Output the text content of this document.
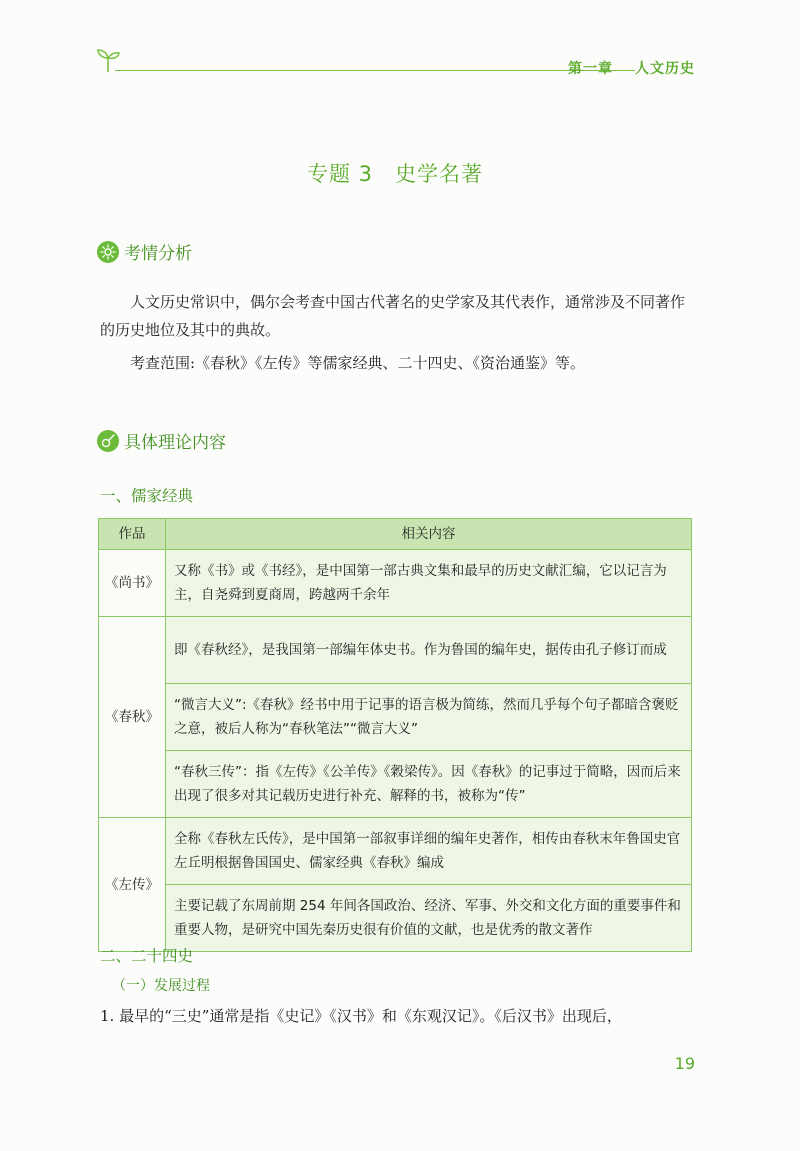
第一章 人文历史
专题 3 史学名著
考情分析

人文历史常识中，偶尔会考查中国古代著名的史学家及其代表作，通常涉及不同著作的历史地位及其中的典故。

考查范围:《春秋》《左传》等儒家经典、二十四史、《资治通鉴》等。

具体理论内容
一、儒家经典
作品	相关内容
《尚书》	又称《书》或《书经》，是中国第一部古典文集和最早的历史文献汇编，它以记言为主，自尧舜到夏商周，跨越两千余年
《春秋》	即《春秋经》，是我国第一部编年体史书。作为鲁国的编年史，据传由孔子修订而成
	“微言大义”:《春秋》经书中用于记事的语言极为简练，然而几乎每个句子都暗含褒贬之意，被后人称为“春秋笔法”“微言大义”
	“春秋三传”：指《左传》《公羊传》《穀梁传》。因《春秋》的记事过于简略，因而后来出现了很多对其记载历史进行补充、解释的书，被称为“传”
《左传》	全称《春秋左氏传》，是中国第一部叙事详细的编年史著作，相传由春秋末年鲁国史官左丘明根据鲁国国史、儒家经典《春秋》编成
	主要记载了东周前期 254 年间各国政治、经济、军事、外交和文化方面的重要事件和重要人物，是研究中国先秦历史很有价值的文献，也是优秀的散文著作
二、二十四史
（一）发展过程

1. 最早的“三史”通常是指《史记》《汉书》和《东观汉记》。《后汉书》出现后，

19
